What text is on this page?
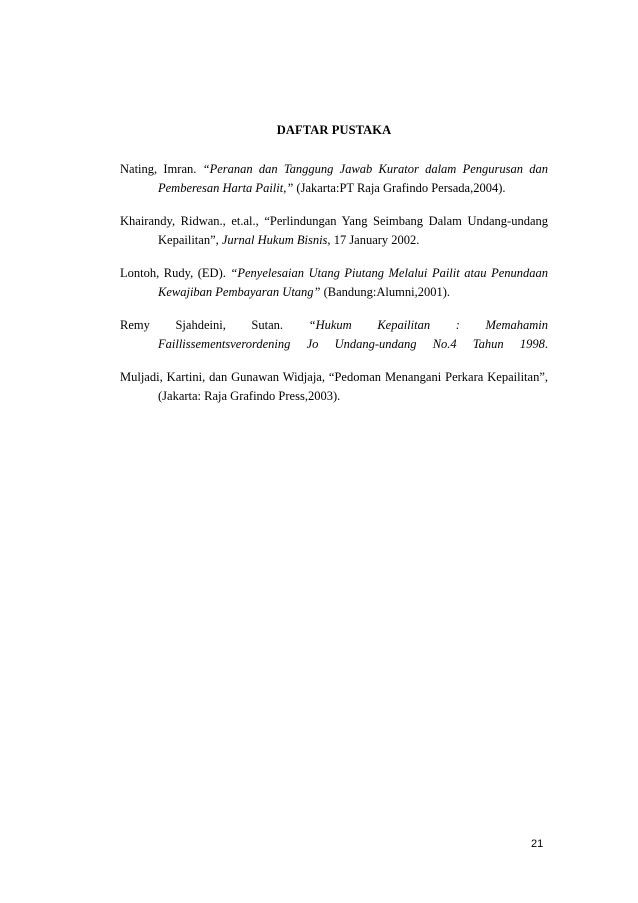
DAFTAR PUSTAKA

Nating, Imran. “Peranan dan Tanggung Jawab Kurator dalam Pengurusan dan Pemberesan Harta Pailit,” (Jakarta:PT Raja Grafindo Persada,2004).

Khairandy, Ridwan., et.al., “Perlindungan Yang Seimbang Dalam Undang-undang Kepailitan”, Jurnal Hukum Bisnis, 17 January 2002.

Lontoh, Rudy, (ED). “Penyelesaian Utang Piutang Melalui Pailit atau Penundaan Kewajiban Pembayaran Utang” (Bandung:Alumni,2001).

Remy Sjahdeini, Sutan. “Hukum Kepailitan : Memahamin Faillissementsverordening Jo Undang-undang No.4 Tahun 1998.

Muljadi, Kartini, dan Gunawan Widjaja, “Pedoman Menangani Perkara Kepailitan”, (Jakarta: Raja Grafindo Press,2003).

21
